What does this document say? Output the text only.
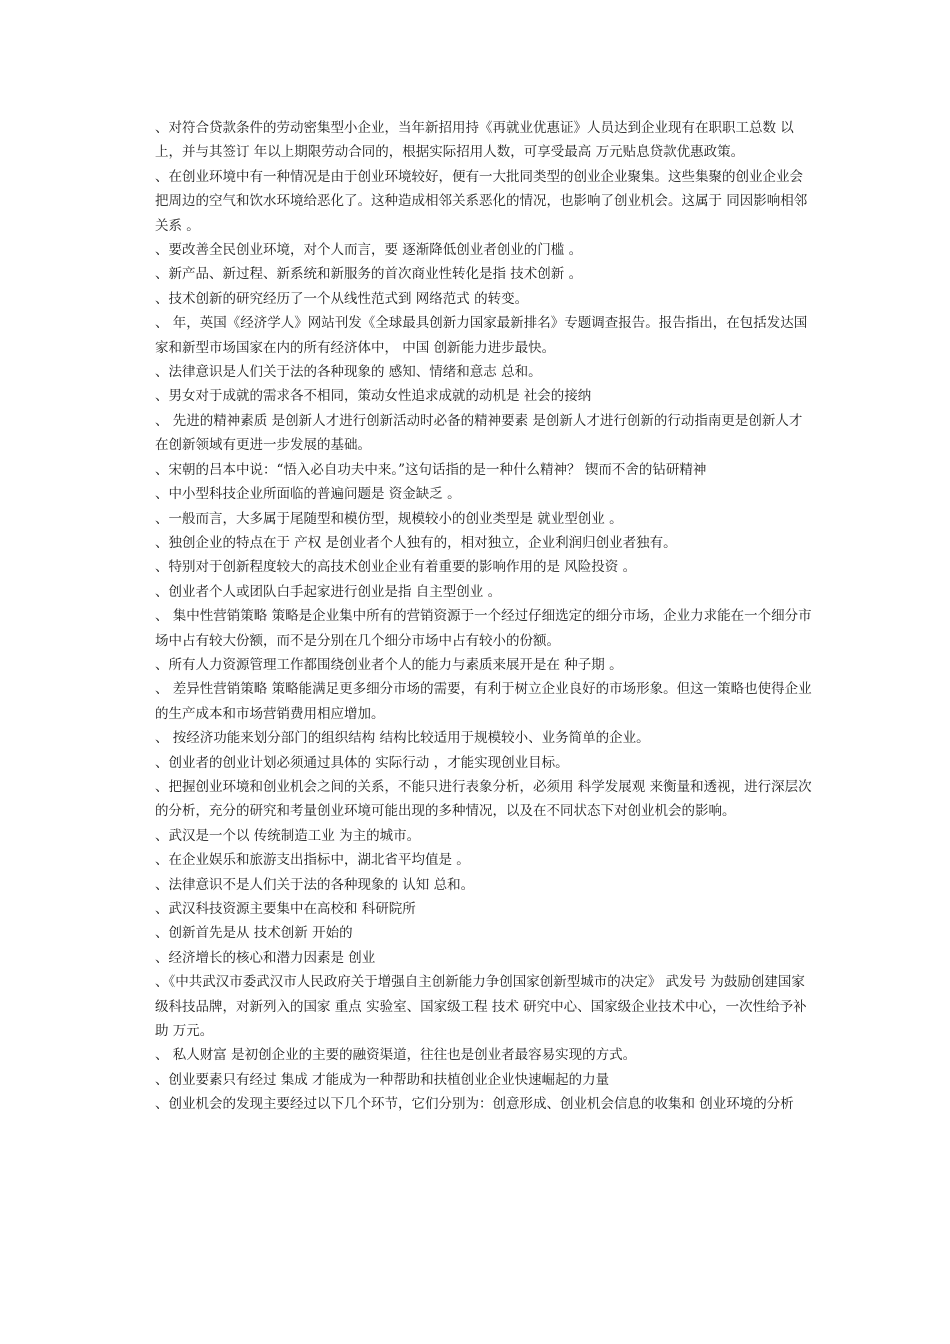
、对符合贷款条件的劳动密集型小企业，当年新招用持《再就业优惠证》人员达到企业现有在职职工总数 以上，并与其签订 年以上期限劳动合同的，根据实际招用人数，可享受最高 万元贴息贷款优惠政策。
、在创业环境中有一种情况是由于创业环境较好，便有一大批同类型的创业企业聚集。这些集聚的创业企业会把周边的空气和饮水环境给恶化了。这种造成相邻关系恶化的情况，也影响了创业机会。这属于 同因影响相邻关系 。
、要改善全民创业环境，对个人而言，要 逐渐降低创业者创业的门槛 。
、新产品、新过程、新系统和新服务的首次商业性转化是指 技术创新 。
、技术创新的研究经历了一个从线性范式到 网络范式 的转变。
、 年，英国《经济学人》网站刊发《全球最具创新力国家最新排名》专题调查报告。报告指出，在包括发达国家和新型市场国家在内的所有经济体中， 中国 创新能力进步最快。
、法律意识是人们关于法的各种现象的 感知、情绪和意志 总和。
、男女对于成就的需求各不相同，策动女性追求成就的动机是 社会的接纳
、 先进的精神素质 是创新人才进行创新活动时必备的精神要素 是创新人才进行创新的行动指南更是创新人才在创新领域有更进一步发展的基础。
、宋朝的吕本中说：“悟入必自功夫中来。”这句话指的是一种什么精神？ 锲而不舍的钻研精神
、中小型科技企业所面临的普遍问题是 资金缺乏 。
、一般而言，大多属于尾随型和模仿型，规模较小的创业类型是 就业型创业 。
、独创企业的特点在于 产权 是创业者个人独有的，相对独立，企业利润归创业者独有。
、特别对于创新程度较大的高技术创业企业有着重要的影响作用的是 风险投资 。
、创业者个人或团队白手起家进行创业是指 自主型创业 。
、 集中性营销策略 策略是企业集中所有的营销资源于一个经过仔细选定的细分市场，企业力求能在一个细分市场中占有较大份额，而不是分别在几个细分市场中占有较小的份额。
、所有人力资源管理工作都围绕创业者个人的能力与素质来展开是在 种子期 。
、 差异性营销策略 策略能满足更多细分市场的需要，有利于树立企业良好的市场形象。但这一策略也使得企业的生产成本和市场营销费用相应增加。
、 按经济功能来划分部门的组织结构 结构比较适用于规模较小、业务简单的企业。
、创业者的创业计划必须通过具体的 实际行动 ，才能实现创业目标。
、把握创业环境和创业机会之间的关系，不能只进行表象分析，必须用 科学发展观 来衡量和透视，进行深层次的分析，充分的研究和考量创业环境可能出现的多种情况，以及在不同状态下对创业机会的影响。
、武汉是一个以 传统制造工业 为主的城市。
、在企业娱乐和旅游支出指标中，湖北省平均值是 。
、法律意识不是人们关于法的各种现象的 认知 总和。
、武汉科技资源主要集中在高校和 科研院所
、创新首先是从 技术创新 开始的
、经济增长的核心和潜力因素是 创业
、《中共武汉市委武汉市人民政府关于增强自主创新能力争创国家创新型城市的决定》 武发号 为鼓励创建国家级科技品牌，对新列入的国家 重点 实验室、国家级工程 技术 研究中心、国家级企业技术中心，一次性给予补助 万元。
、 私人财富 是初创企业的主要的融资渠道，往往也是创业者最容易实现的方式。
、创业要素只有经过 集成 才能成为一种帮助和扶植创业企业快速崛起的力量
、创业机会的发现主要经过以下几个环节，它们分别为：创意形成、创业机会信息的收集和 创业环境的分析
